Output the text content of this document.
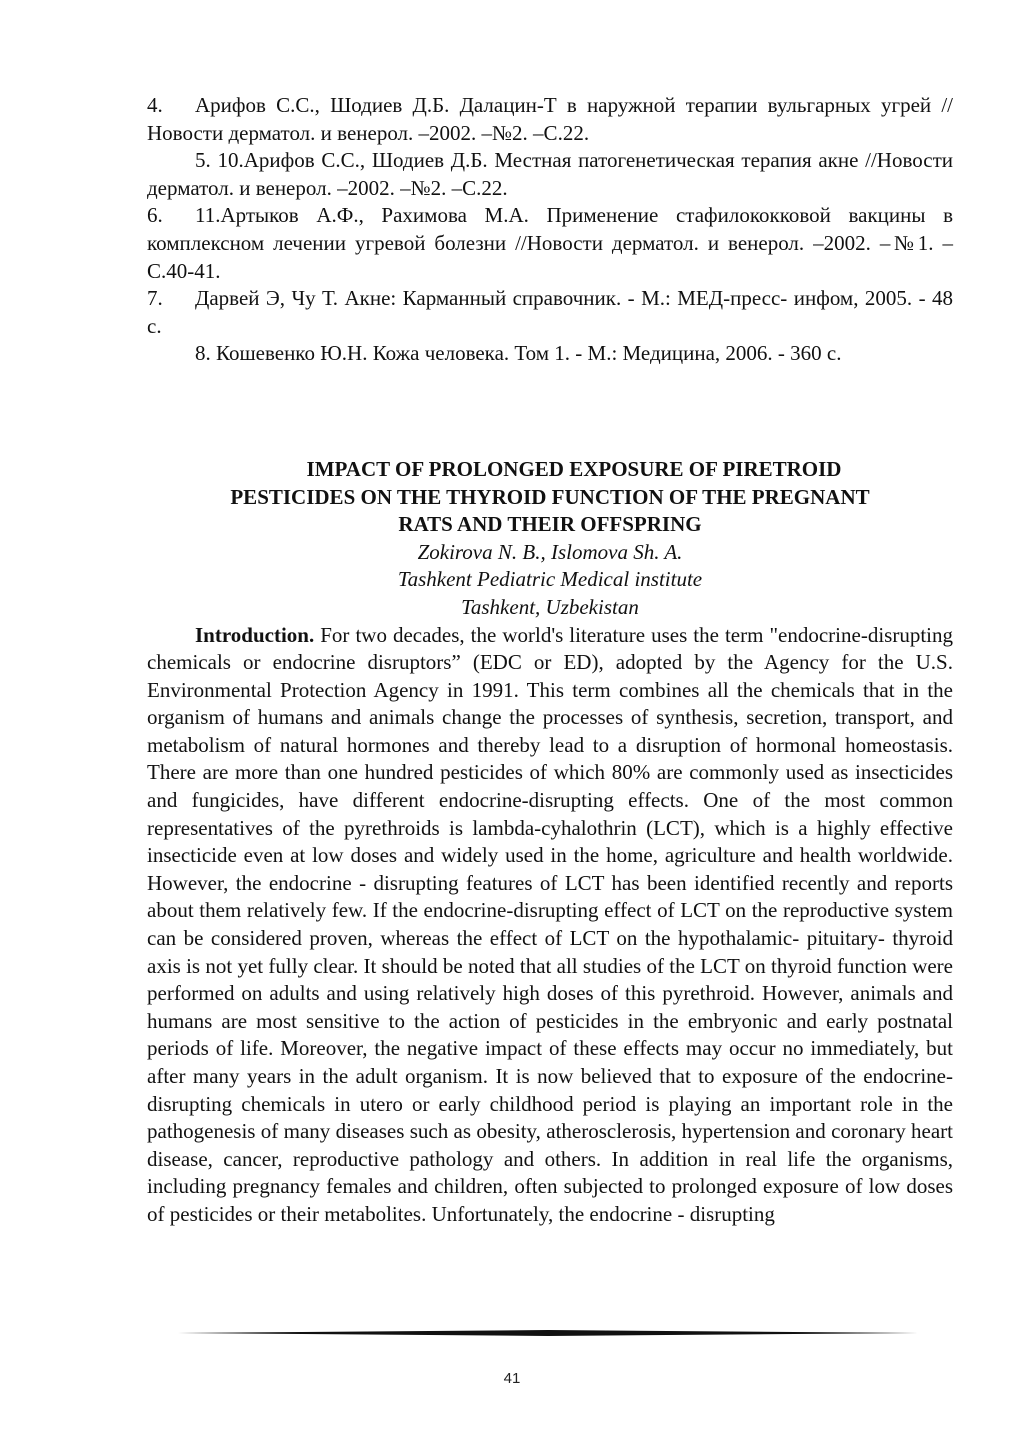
4. Арифов С.С., Шодиев Д.Б. Далацин-Т в наружной терапии вульгарных угрей //Новости дерматол. и венерол. –2002. –№2. –С.22.

5. 10.Арифов С.С., Шодиев Д.Б. Местная патогенетическая терапия акне //Новости дерматол. и венерол. –2002. –№2. –С.22.

6. 11.Артыков А.Ф., Рахимова М.А. Применение стафилококковой вакцины в комплексном лечении угревой болезни //Новости дерматол. и венерол. –2002. –№1. –С.40-41.

7. Дарвей Э, Чу Т. Акне: Карманный справочник. - М.: МЕД-пресс- инфом, 2005. - 48 с.

8. Кошевенко Ю.Н. Кожа человека. Том 1. - М.: Медицина, 2006. - 360 с.

IMPACT OF PROLONGED EXPOSURE OF PIRETROID
PESTICIDES ON THE THYROID FUNCTION OF THE PREGNANT
RATS AND THEIR OFFSPRING

Zokirova N. B., Islomova Sh. A.

Tashkent Pediatric Medical institute

Tashkent, Uzbekistan

Introduction. For two decades, the world's literature uses the term "endocrine-disrupting chemicals or endocrine disruptors” (EDC or ED), adopted by the Agency for the U.S. Environmental Protection Agency in 1991. This term combines all the chemicals that in the organism of humans and animals change the processes of synthesis, secretion, transport, and metabolism of natural hormones and thereby lead to a disruption of hormonal homeostasis. There are more than one hundred pesticides of which 80% are commonly used as insecticides and fungicides, have different endocrine-disrupting effects. One of the most common representatives of the pyrethroids is lambda-cyhalothrin (LCT), which is a highly effective insecticide even at low doses and widely used in the home, agriculture and health worldwide. However, the endocrine - disrupting features of LCT has been identified recently and reports about them relatively few. If the endocrine-disrupting effect of LCT on the reproductive system can be considered proven, whereas the effect of LCT on the hypothalamic- pituitary- thyroid axis is not yet fully clear. It should be noted that all studies of the LCT on thyroid function were performed on adults and using relatively high doses of this pyrethroid. However, animals and humans are most sensitive to the action of pesticides in the embryonic and early postnatal periods of life. Moreover, the negative impact of these effects may occur no immediately, but after many years in the adult organism. It is now believed that to exposure of the endocrine-disrupting chemicals in utero or early childhood period is playing an important role in the pathogenesis of many diseases such as obesity, atherosclerosis, hypertension and coronary heart disease, cancer, reproductive pathology and others. In addition in real life the organisms, including pregnancy females and children, often subjected to prolonged exposure of low doses of pesticides or their metabolites. Unfortunately, the endocrine - disrupting

41
